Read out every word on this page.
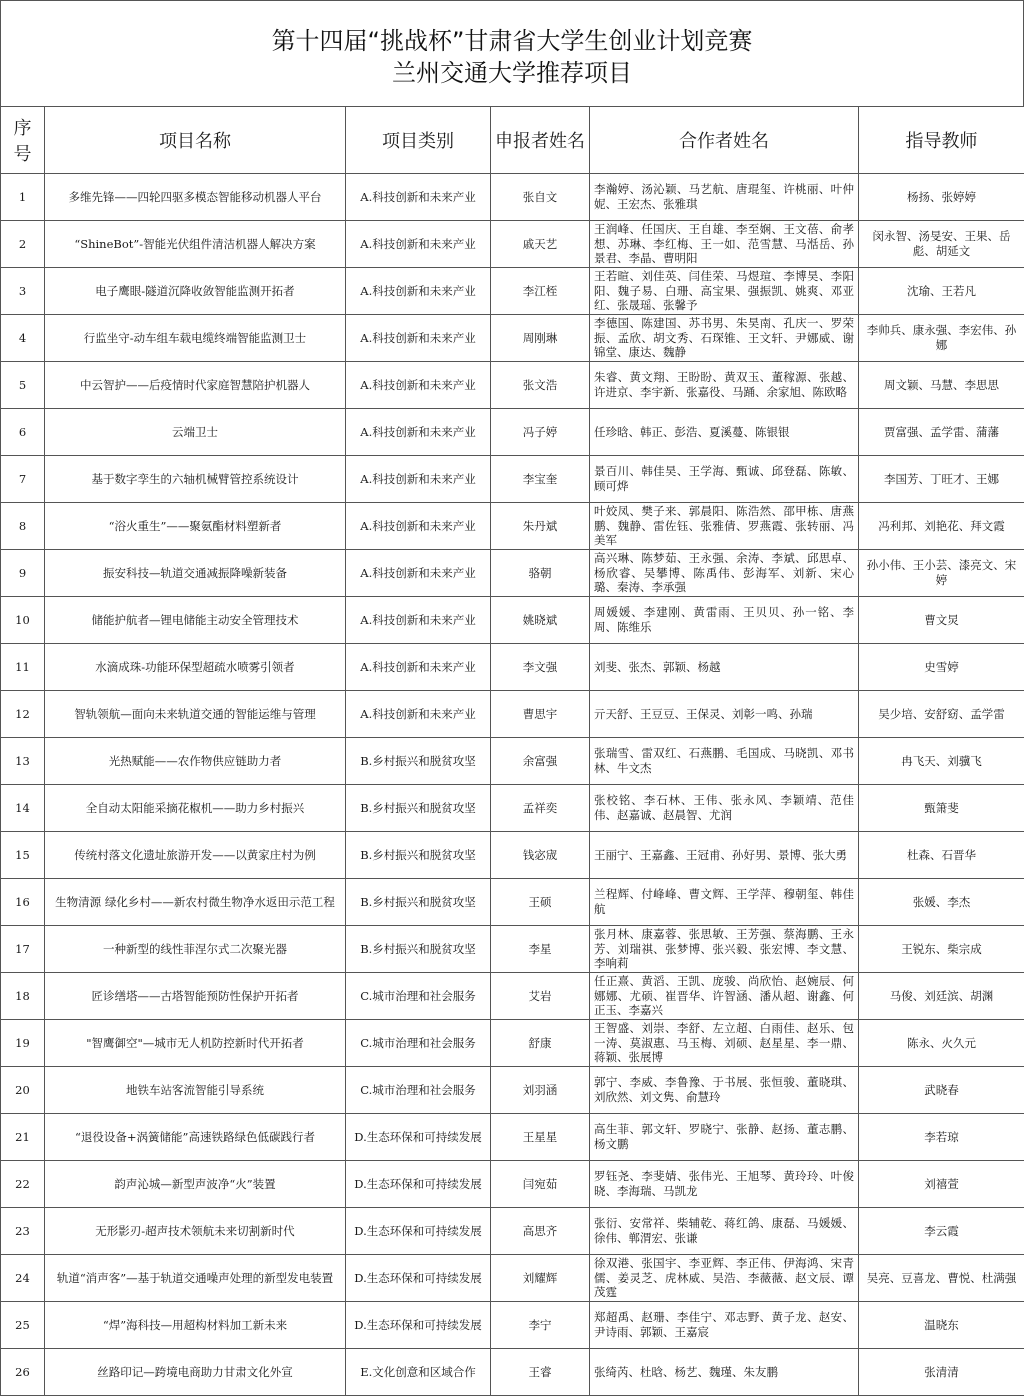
第十四届“挑战杯”甘肃省大学生创业计划竞赛
兰州交通大学推荐项目
序号	项目名称	项目类别	申报者姓名	合作者姓名	指导教师
1	多维先锋——四轮四驱多模态智能移动机器人平台	A.科技创新和未来产业	张自文	李瀚婷、汤沁颖、马艺航、唐琨玺、许桃丽、叶仲妮、王宏杰、张雅琪	杨扬、张婷婷
2	“ShineBot”-智能光伏组件清洁机器人解决方案	A.科技创新和未来产业	戚天艺	王润峰、任国庆、王自雄、李至娴、王文蓓、俞孝想、苏琳、李红梅、王一如、范雪慧、马湉岳、孙景君、李晶、曹明阳	闵永智、汤旻安、王果、岳彪、胡延文
3	电子鹰眼-隧道沉降收敛智能监测开拓者	A.科技创新和未来产业	李江桎	王若暄、刘佳英、闫佳荣、马煜瑄、李博昊、李阳阳、魏子易、白珊、高宝果、强振凯、姚爽、邓亚红、张晟瑶、张馨予	沈瑜、王若凡
4	行监坐守-动车组车载电缆终端智能监测卫士	A.科技创新和未来产业	周刚琳	李德国、陈建国、苏书男、朱昊南、孔庆一、罗荣振、孟欣、胡文秀、石琛锥、王文轩、尹娜威、谢锦堂、康达、魏静	李帅兵、康永强、李宏伟、孙娜
5	中云智护——后疫情时代家庭智慧陪护机器人	A.科技创新和未来产业	张文浩	朱睿、黄文翔、王盼盼、黄双玉、董稼源、张越、许进京、李宇新、张嘉役、马踊、余家旭、陈欧略	周文颖、马慧、李思思
6	云端卫士	A.科技创新和未来产业	冯子婷	任珍晗、韩正、彭浩、夏溪蔓、陈银银	贾富强、孟学雷、蒲藩
7	基于数字孪生的六轴机械臂管控系统设计	A.科技创新和未来产业	李宝奎	景百川、韩佳昊、王学海、甄诚、邱登磊、陈敏、顾可烨	李国芳、丁旺才、王娜
8	“浴火重生”——聚氨酯材料塑新者	A.科技创新和未来产业	朱丹斌	叶姣凤、樊子来、郭晨阳、陈浩然、邵甲栋、唐燕鹏、魏静、雷佐钰、张雅倩、罗燕霞、张转丽、冯美军	冯利邦、刘艳花、拜文霞
9	振安科技—轨道交通减振降噪新装备	A.科技创新和未来产业	骆朝	高兴琳、陈梦茹、王永强、余涛、李斌、邱思卓、杨欣睿、吴攀博、陈禹伟、彭海军、刘新、宋心璐、秦涛、李承强	孙小伟、王小芸、漆亮文、宋婷
10	储能护航者—锂电储能主动安全管理技术	A.科技创新和未来产业	姚晓斌	周媛媛、李建刚、黄雷雨、王贝贝、孙一铭、李周、陈维乐	曹文炅
11	水滴成珠-功能环保型超疏水喷雾引领者	A.科技创新和未来产业	李文强	刘斐、张杰、郭颖、杨越	史雪婷
12	智轨领航—面向未来轨道交通的智能运维与管理	A.科技创新和未来产业	曹思宇	亓天舒、王豆豆、王保灵、刘彰一鸣、孙瑞	吴少培、安舒窈、孟学雷
13	光热赋能——农作物供应链助力者	B.乡村振兴和脱贫攻坚	余富强	张瑞雪、雷双红、石燕鹏、毛国成、马晓凯、邓书林、牛文杰	冉飞天、刘骥飞
14	全自动太阳能采摘花椒机——助力乡村振兴	B.乡村振兴和脱贫攻坚	孟祥奕	张校铭、李石林、王伟、张永风、李颖靖、范佳伟、赵嘉诚、赵晨智、尤润	甄箫斐
15	传统村落文化遗址旅游开发——以黄家庄村为例	B.乡村振兴和脱贫攻坚	钱宓宬	王丽宁、王嘉鑫、王冠甫、孙好男、景博、张大勇	杜森、石晋华
16	生物清源 绿化乡村——新农村微生物净水返田示范工程	B.乡村振兴和脱贫攻坚	王硕	兰程辉、付峰峰、曹文辉、王学萍、穆朝玺、韩佳航	张媛、李杰
17	一种新型的线性菲涅尔式二次聚光器	B.乡村振兴和脱贫攻坚	李星	张月林、康嘉蓉、张思敏、王芳强、蔡海鹏、王永芳、刘瑞祺、张梦博、张兴毅、张宏博、李文慧、李响莉	王锐东、柴宗成
18	匠诊缮塔——古塔智能预防性保护开拓者	C.城市治理和社会服务	艾岩	任正熹、黄滔、王凯、庞骏、尚欣怡、赵婉辰、何娜娜、尤硕、崔晋华、许智涵、潘从超、谢鑫、何正玉、李嘉兴	马俊、刘廷滨、胡渊
19	"智鹰御空"—城市无人机防控新时代开拓者	C.城市治理和社会服务	舒康	王智盛、刘崇、李舒、左立超、白雨佳、赵乐、包一涛、莫淑惠、马玉梅、刘硕、赵星星、李一鼎、蒋颖、张展博	陈永、火久元
20	地铁车站客流智能引导系统	C.城市治理和社会服务	刘羽涵	郭宁、李威、李鲁豫、于书展、张恒骏、董晓琪、刘欣然、刘文隽、俞慧玲	武晓春
21	“退役设备+涡簧储能”高速铁路绿色低碳践行者	D.生态环保和可持续发展	王星星	高生菲、郭文轩、罗晓宁、张静、赵扬、董志鹏、杨文鹏	李若琼
22	韵声沁城—新型声波净“火”装置	D.生态环保和可持续发展	闫宛茹	罗钰尧、李斐婧、张伟光、王旭琴、黄玲玲、叶俊晓、李海瑞、马凯龙	刘禧萱
23	无形影刃-超声技术领航未来切割新时代	D.生态环保和可持续发展	高思齐	张衍、安常祥、柴辅乾、蒋红鸽、康磊、马媛媛、徐伟、郸渭宏、张谦	李云霞
24	轨道“消声客”—基于轨道交通噪声处理的新型发电装置	D.生态环保和可持续发展	刘耀辉	徐双港、张国宇、李亚辉、李正伟、伊海鸿、宋青儒、姜灵芝、虎林威、吴浩、李薇薇、赵文辰、谭茂霆	吴亮、豆喜龙、曹悦、杜满强
25	“焊”海科技—用超构材料加工新未来	D.生态环保和可持续发展	李宁	郑超禹、赵珊、李佳宁、邓志野、黄子龙、赵安、尹诗雨、郭颖、王嘉宸	温晓东
26	丝路印记—跨境电商助力甘肃文化外宣	E.文化创意和区域合作	王睿	张绮芮、杜晗、杨艺、魏瑾、朱友鹏	张清清
